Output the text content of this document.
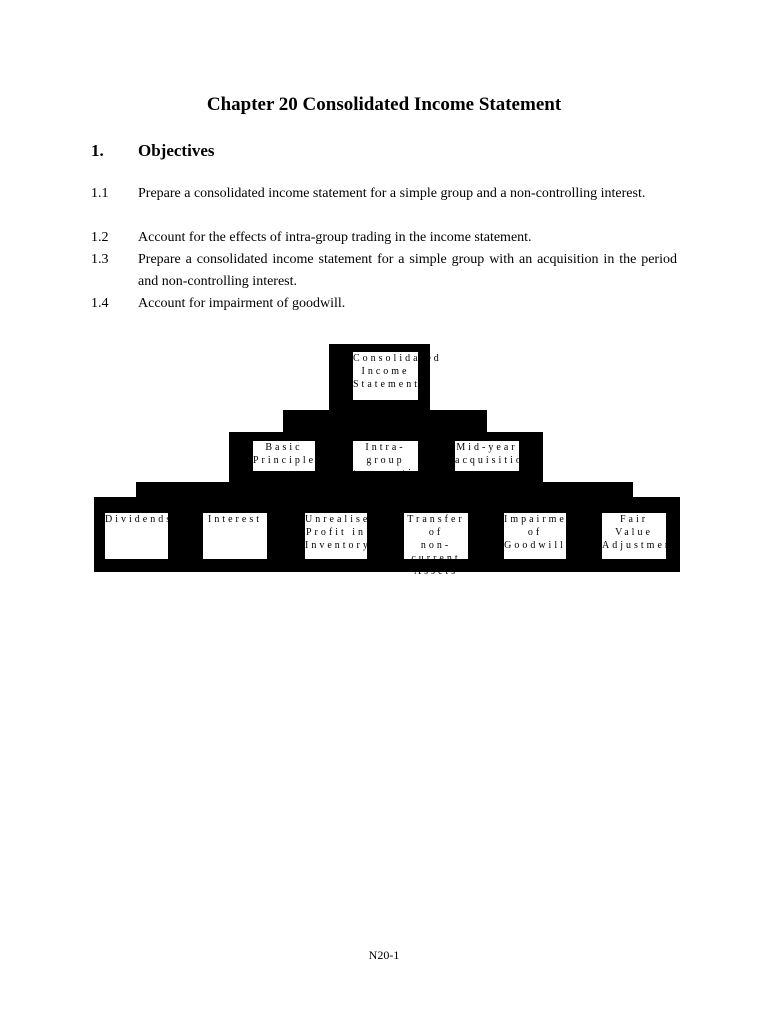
Chapter 20 Consolidated Income Statement
1. Objectives
1.1 Prepare a consolidated income statement for a simple group and a non-controlling interest.
1.2 Account for the effects of intra-group trading in the income statement.
1.3 Prepare a consolidated income statement for a simple group with an acquisition in the period and non-controlling interest.
1.4 Account for impairment of goodwill.
Consolidated
Income
Statement
Basic
Principles
Intra-group
transaction
Mid-year
acquisition
Dividends	Interest	Unrealised
Profit in
Inventory
Transfer of
non-current
Assets
Impairment
of
Goodwill
Fair
Value
Adjustment
N20-1
